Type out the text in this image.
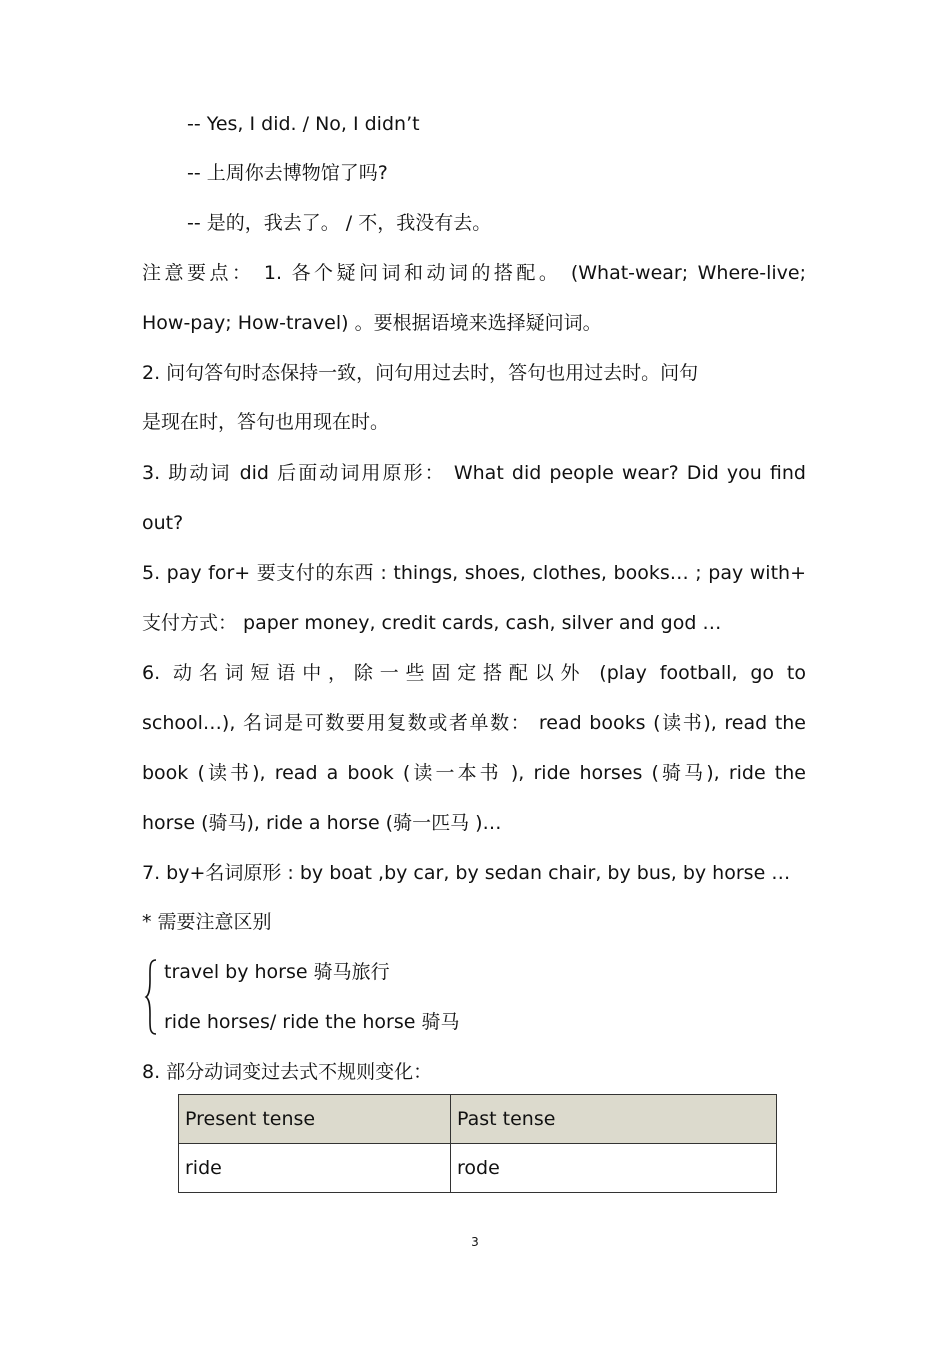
-- Yes, I did. / No, I didn’t
-- 上周你去博物馆了吗?
-- 是的，我去了。 / 不，我没有去。
注意要点： 1. 各个疑问词和动词的搭配。 (What-wear; Where-live;
How-pay; How-travel) 。要根据语境来选择疑问词。
2. 问句答句时态保持一致，问句用过去时，答句也用过去时。问句
是现在时，答句也用现在时。
3. 助动词 did 后面动词用原形： What did people wear? Did you find
out?
5. pay for+ 要支付的东西 : things, shoes, clothes, books… ; pay with+
支付方式： paper money, credit cards, cash, silver and god …
6. 动名词短语中，除一些固定搭配以外 (play football, go to
school…), 名词是可数要用复数或者单数： read books (读书), read the
book (读书), read a book (读一本书 ), ride horses (骑马), ride the
horse (骑马), ride a horse (骑一匹马 )…
7. by+名词原形 : by boat ,by car, by sedan chair, by bus, by horse …
* 需要注意区别
travel by horse 骑马旅行
ride horses/ ride the horse 骑马
8. 部分动词变过去式不规则变化：
Present tense	Past tense
ride	rode
3
